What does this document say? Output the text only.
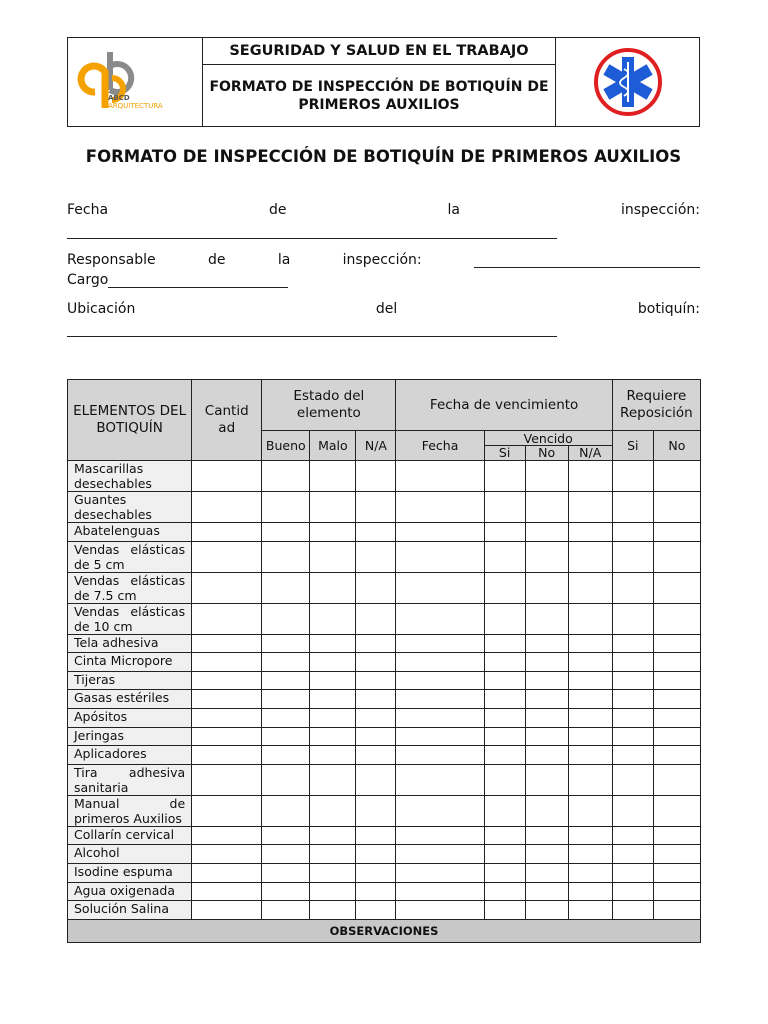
ABCD
ARQUITECTURA
SEGURIDAD Y SALUD EN EL TRABAJO
FORMATO DE INSPECCIÓN DE BOTIQUÍN DE PRIMEROS AUXILIOS
FORMATO DE INSPECCIÓN DE BOTIQUÍN DE PRIMEROS AUXILIOS
Fecha	de	la	inspección:
Responsable	de	la	inspección:
Cargo
Ubicación	del	botiquín:
ELEMENTOS DEL BOTIQUÍN	Cantid ad	Estado del elemento			Fecha de vencimiento				Requiere Reposición	
		Bueno	Malo	N/A	Fecha	Vencido			Si	No
						Si	No	N/A		
Mascarillas desechables										
Guantes desechables										
Abatelenguas										
Vendas elásticas de 5 cm										
Vendas elásticas de 7.5 cm										
Vendas elásticas de 10 cm										
Tela adhesiva										
Cinta Micropore										
Tijeras										
Gasas estériles										
Apósitos										
Jeringas										
Aplicadores										
Tira adhesiva sanitaria										
Manual de primeros Auxilios										
Collarín cervical										
Alcohol										
Isodine espuma										
Agua oxigenada										
Solución Salina										
OBSERVACIONES										
